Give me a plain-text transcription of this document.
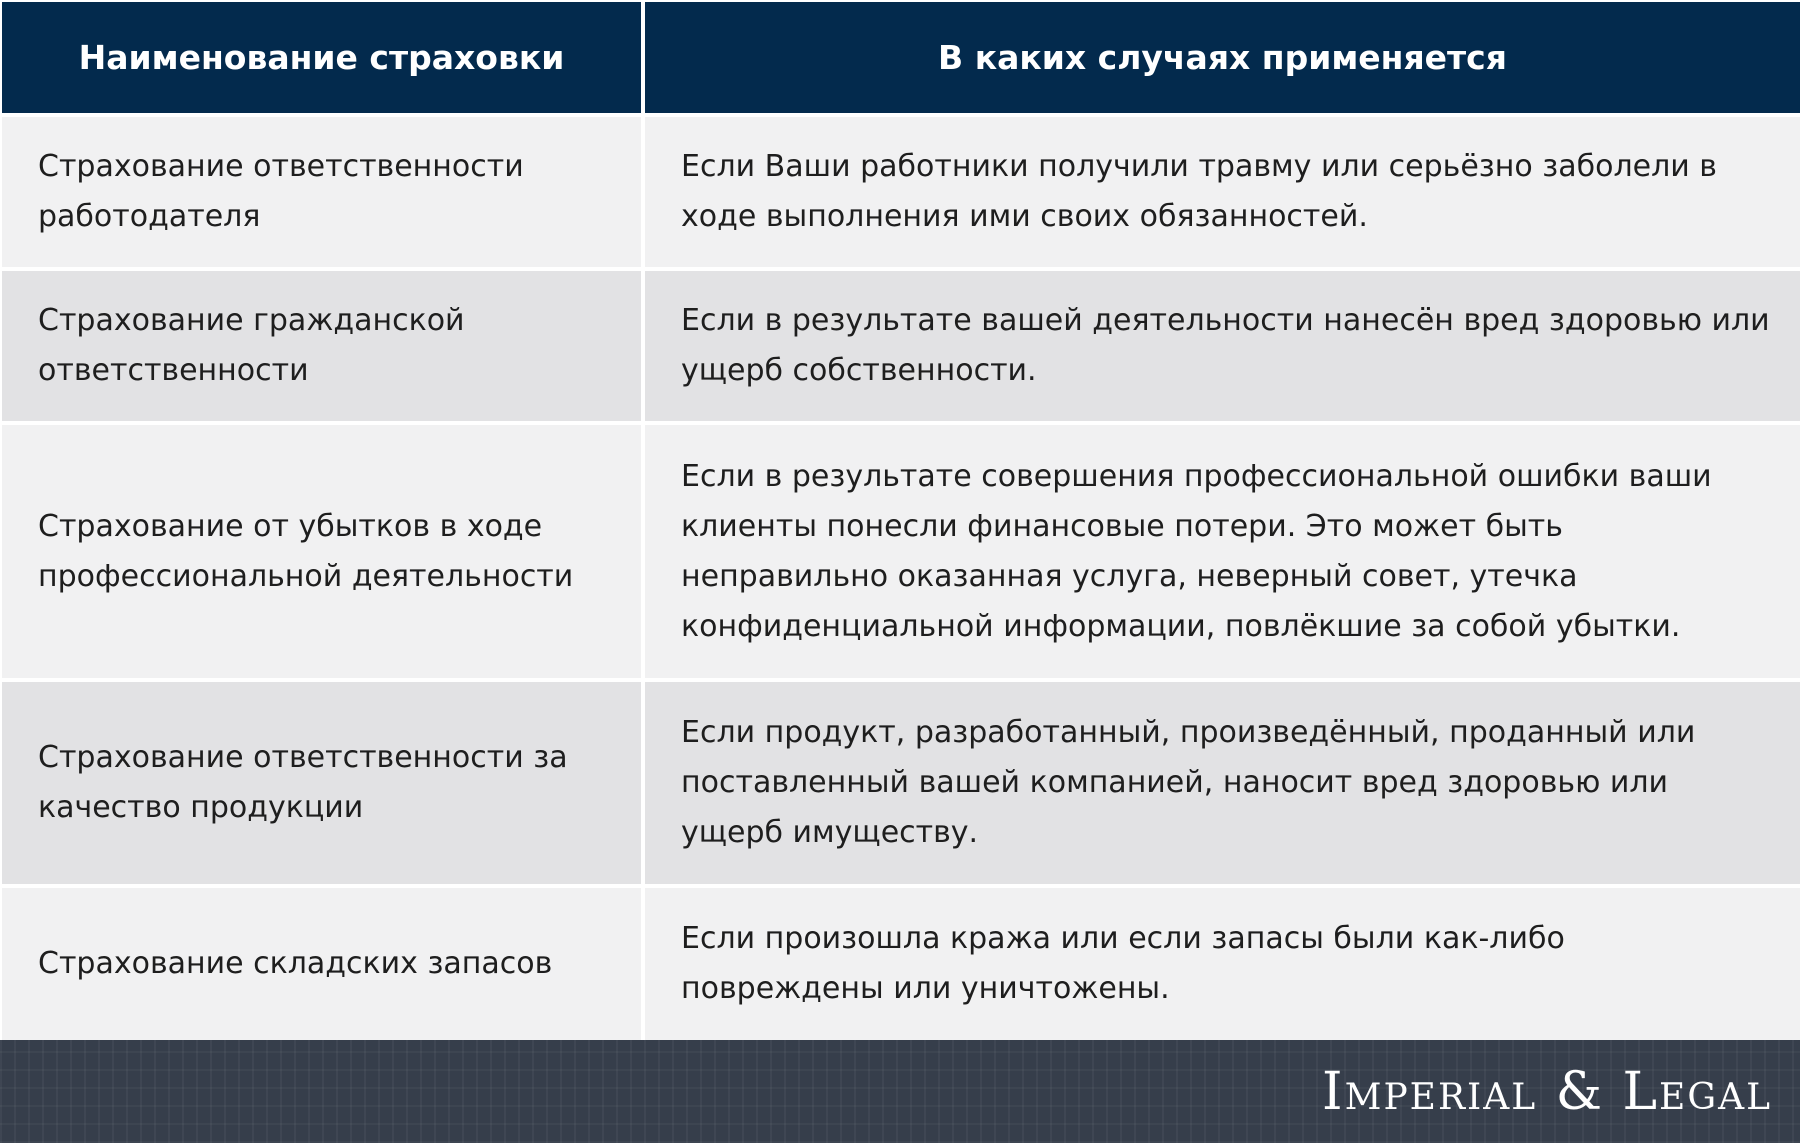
Наименование страховки	В каких случаях применяется
Страхование ответственности работодателя
Если Ваши работники получили травму или серьёзно заболели в ходе выполнения ими своих обязанностей.
Страхование гражданской ответственности
Если в результате вашей деятельности нанесён вред здоровью или ущерб собственности.
Страхование от убытков в ходе профессиональной деятельности
Если в результате совершения профессиональной ошибки ваши клиенты понесли финансовые потери. Это может быть неправильно оказанная услуга, неверный совет, утечка конфиденциальной информации, повлёкшие за собой убытки.
Страхование ответственности за качество продукции
Если продукт, разработанный, произведённый, проданный или поставленный вашей компанией, наносит вред здоровью или ущерб имуществу.
Страхование складских запасов
Если произошла кража или если запасы были как-либо повреждены или уничтожены.
Imperial & Legal
